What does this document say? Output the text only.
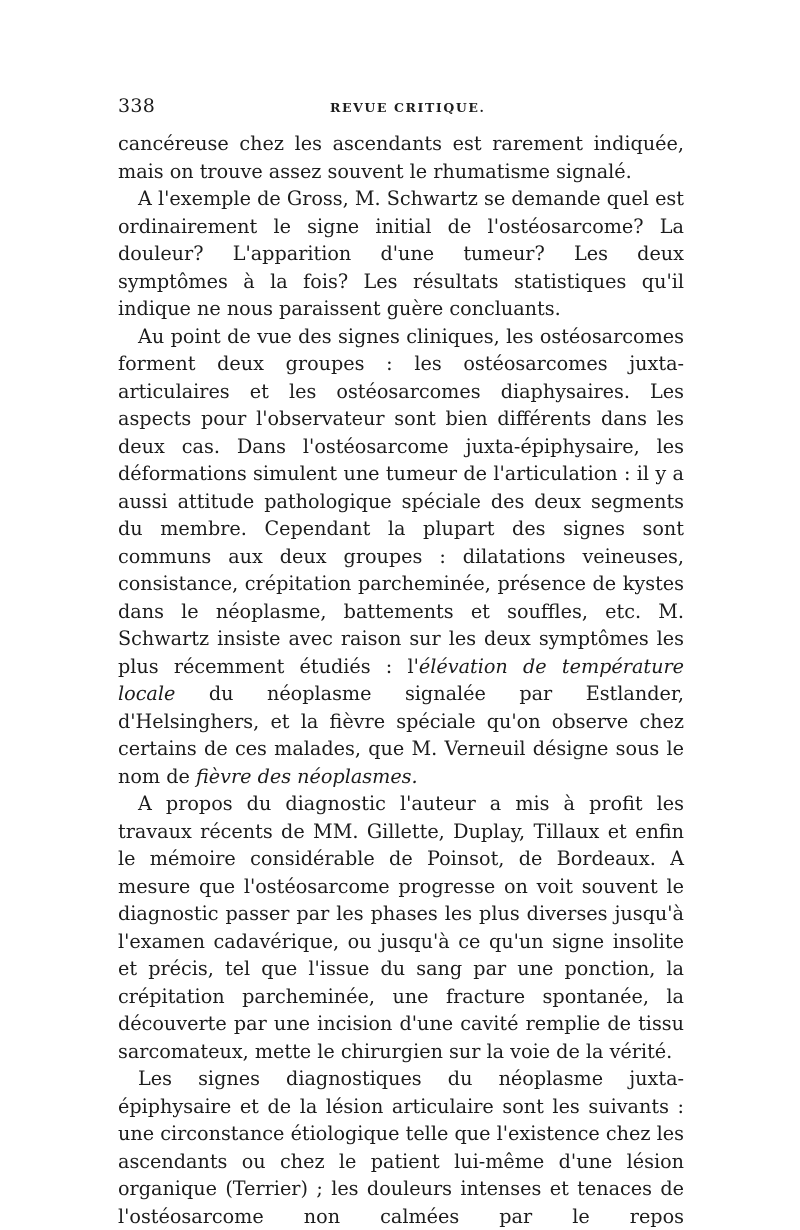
338	REVUE CRITIQUE.

cancéreuse chez les ascendants est rarement indiquée, mais on trouve assez souvent le rhumatisme signalé.

A l'exemple de Gross, M. Schwartz se demande quel est ordinairement le signe initial de l'ostéosarcome? La douleur? L'apparition d'une tumeur? Les deux symptômes à la fois? Les résultats statistiques qu'il indique ne nous paraissent guère concluants.

Au point de vue des signes cliniques, les ostéosarcomes forment deux groupes : les ostéosarcomes juxta-articulaires et les ostéosarcomes diaphysaires. Les aspects pour l'observateur sont bien différents dans les deux cas. Dans l'ostéosarcome juxta-épiphysaire, les déformations simulent une tumeur de l'articulation : il y a aussi attitude pathologique spéciale des deux segments du membre. Cependant la plupart des signes sont communs aux deux groupes : dilatations veineuses, consistance, crépitation parcheminée, présence de kystes dans le néoplasme, battements et souffles, etc. M. Schwartz insiste avec raison sur les deux symptômes les plus récemment étudiés : l'élévation de température locale du néoplasme signalée par Estlander, d'Helsinghers, et la fièvre spéciale qu'on observe chez certains de ces malades, que M. Verneuil désigne sous le nom de fièvre des néoplasmes.

A propos du diagnostic l'auteur a mis à profit les travaux récents de MM. Gillette, Duplay, Tillaux et enfin le mémoire considérable de Poinsot, de Bordeaux. A mesure que l'ostéosarcome progresse on voit souvent le diagnostic passer par les phases les plus diverses jusqu'à l'examen cadavérique, ou jusqu'à ce qu'un signe insolite et précis, tel que l'issue du sang par une ponction, la crépitation parcheminée, une fracture spontanée, la découverte par une incision d'une cavité remplie de tissu sarcomateux, mette le chirurgien sur la voie de la vérité.

Les signes diagnostiques du néoplasme juxta-épiphysaire et de la lésion articulaire sont les suivants : une circonstance étiologique telle que l'existence chez les ascendants ou chez le patient lui-même d'une lésion organique (Terrier) ; les douleurs intenses et tenaces de l'ostéosarcome non calmées par le repos
